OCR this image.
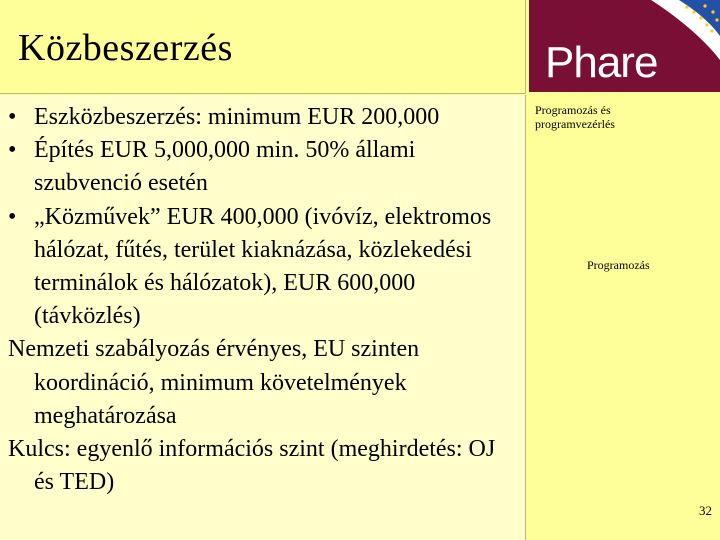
Közbeszerzés	Phare
Programozás és programvezérlés
Programozás
• Eszközbeszerzés: minimum EUR 200,000
• Építés EUR 5,000,000 min. 50% állami szubvenció esetén
• „Közművek” EUR 400,000 (ivóvíz, elektromos hálózat, fűtés, terület kiaknázása, közlekedési terminálok és hálózatok), EUR 600,000 (távközlés)
Nemzeti szabályozás érvényes, EU szinten koordináció, minimum követelmények meghatározása
Kulcs: egyenlő információs szint (meghirdetés: OJ és TED)
32
